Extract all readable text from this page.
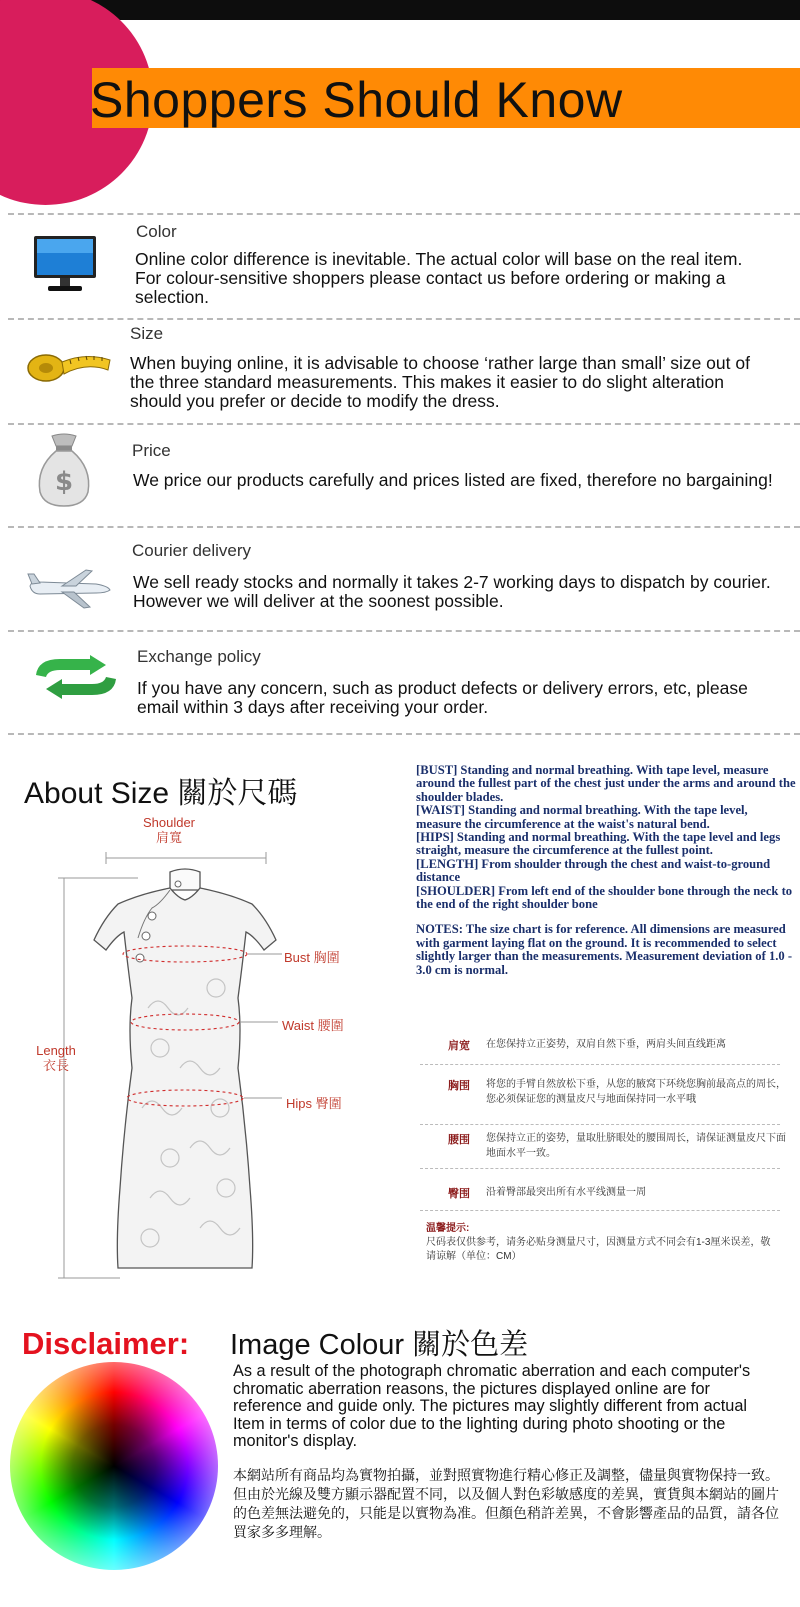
Shoppers Should Know
Color
Online color difference is inevitable. The actual color will base on the real item. For colour-sensitive shoppers please contact us before ordering or making a selection.
Size
When buying online, it is advisable to choose ‘rather large than small’ size out of the three standard measurements. This makes it easier to do slight alteration should you prefer or decide to modify the dress.
$
Price
We price our products carefully and prices listed are fixed, therefore no bargaining!
Courier delivery
We sell ready stocks and normally it takes 2-7 working days to dispatch by courier. However we will deliver at the soonest possible.
Exchange policy
If you have any concern, such as product defects or delivery errors, etc, please email within 3 days after receiving your order.
About Size 關於尺碼
Shoulder
肩寬
Bust 胸圍
Waist 腰圍
Hips 臀圍
Length
衣長

[BUST] Standing and normal breathing. With tape level, measure around the fullest part of the chest just under the arms and around the shoulder blades.

[WAIST] Standing and normal breathing. With the tape level, measure the circumference at the waist's natural bend.

[HIPS] Standing and normal breathing. With the tape level and legs straight, measure the circumference at the fullest point.

[LENGTH] From shoulder through the chest and waist-to-ground distance

[SHOULDER] From left end of the shoulder bone through the neck to the end of the right shoulder bone

NOTES: The size chart is for reference. All dimensions are measured with garment laying flat on the ground. It is recommended to select slightly larger than the measurements. Measurement deviation of 1.0 - 3.0 cm is normal.

肩宽 在您保持立正姿势，双肩自然下垂，两肩头间直线距离
胸围 将您的手臂自然放松下垂，从您的腋窝下环绕您胸前最高点的周长，您必须保证您的测量皮尺与地面保持同一水平哦
腰围 您保持立正的姿势，量取肚脐眼处的腰围周长，请保证测量皮尺下面地面水平一致。
臀围 沿着臀部最突出所有水平线测量一周
温馨提示:
尺码表仅供参考，请务必贴身测量尺寸，因测量方式不同会有1-3厘米误差，敬请谅解（单位：CM）
Disclaimer: Image Colour 關於色差
As a result of the photograph chromatic aberration and each computer's chromatic aberration reasons, the pictures displayed online are for reference and guide only. The pictures may slightly different from actual Item in terms of color due to the lighting during photo shooting or the monitor's display.
本網站所有商品均為實物拍攝，並對照實物進行精心修正及調整，儘量與實物保持一致。但由於光線及雙方顯示器配置不同，以及個人對色彩敏感度的差異，實貨與本網站的圖片的色差無法避免的，只能是以實物為准。但顏色稍許差異，不會影響產品的品質，請各位買家多多理解。
